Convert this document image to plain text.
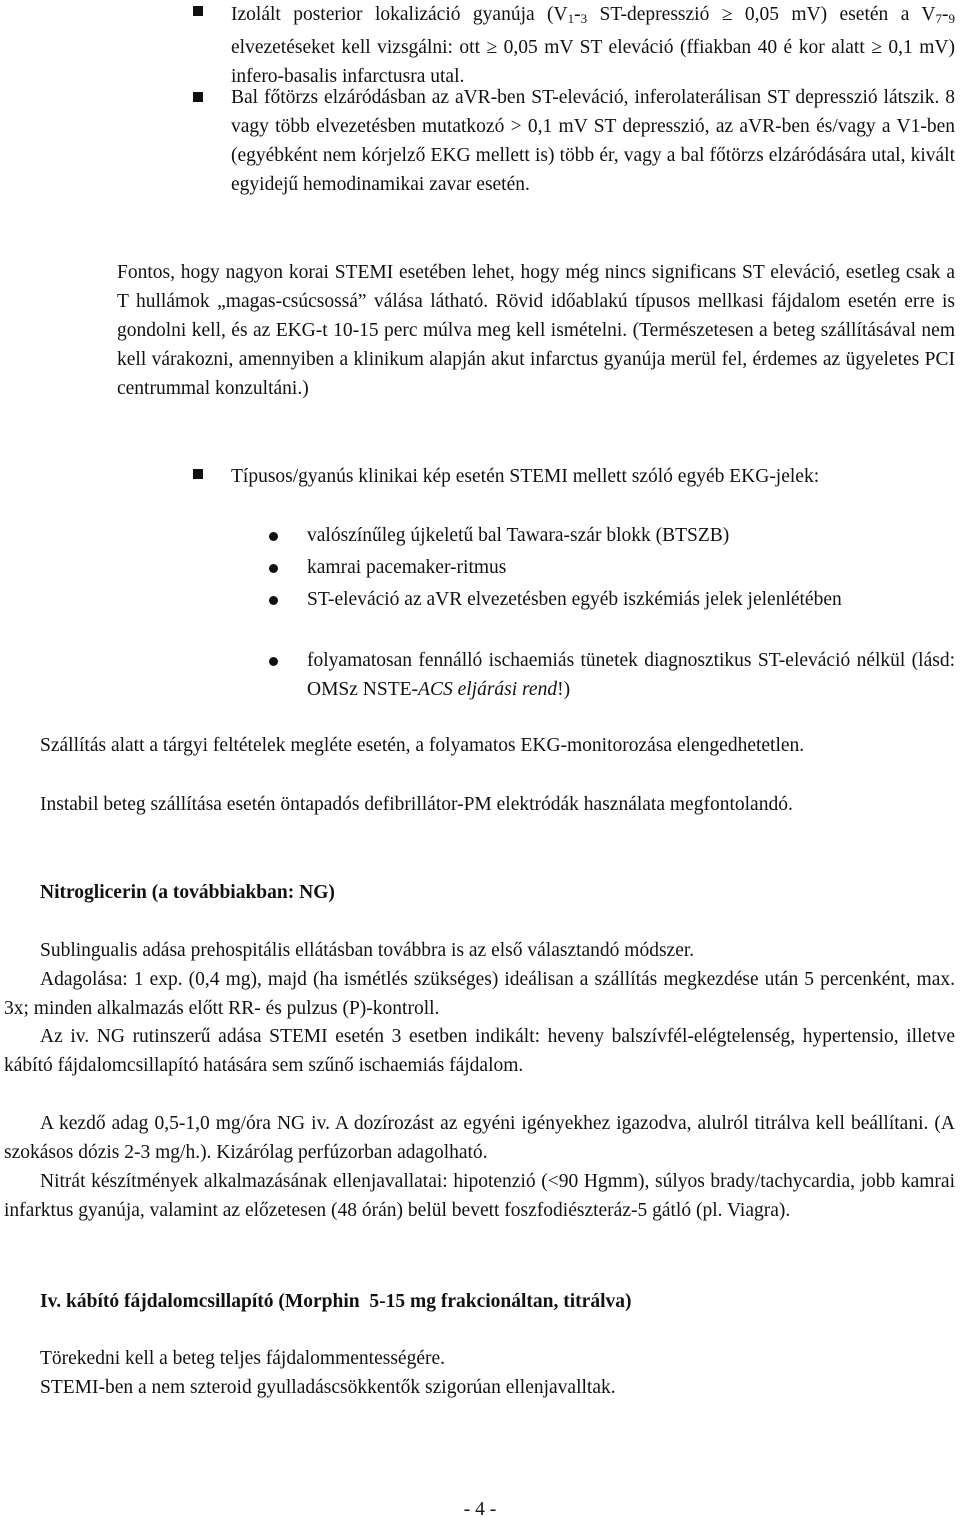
Izolált posterior lokalizáció gyanúja ($V_1-_3$ ST-depresszió ≥ 0,05 mV) esetén a $V_7-_9$ elvezetéseket kell vizsgálni: ott ≥ 0,05 mV ST eleváció (ffiakban 40 é kor alatt ≥ 0,1 mV) infero-basalis infarctusra utal.

Bal főtörzs elzáródásban az aVR-ben ST-eleváció, inferolaterálisan ST depresszió látszik. 8 vagy több elvezetésben mutatkozó > 0,1 mV ST depresszió, az aVR-ben és/vagy a V1-ben (egyébként nem kórjelző EKG mellett is) több ér, vagy a bal főtörzs elzáródására utal, kivált egyidejű hemodinamikai zavar esetén.

Fontos, hogy nagyon korai STEMI esetében lehet, hogy még nincs significans ST eleváció, esetleg csak a T hullámok „magas-csúcsossá” válása látható. Rövid időablakú típusos mellkasi fájdalom esetén erre is gondolni kell, és az EKG-t 10-15 perc múlva meg kell ismételni. (Természetesen a beteg szállításával nem kell várakozni, amennyiben a klinikum alapján akut infarctus gyanúja merül fel, érdemes az ügyeletes PCI centrummal konzultáni.)

Típusos/gyanús klinikai kép esetén STEMI mellett szóló egyéb EKG-jelek:

valószínűleg újkeletű bal Tawara-szár blokk (BTSZB)

kamrai pacemaker-ritmus

ST-eleváció az aVR elvezetésben egyéb iszkémiás jelek jelenlétében

folyamatosan fennálló ischaemiás tünetek diagnosztikus ST-eleváció nélkül (lásd: OMSz NSTE-ACS eljárási rend!)

Szállítás alatt a tárgyi feltételek megléte esetén, a folyamatos EKG-monitorozása elengedhetetlen.

Instabil beteg szállítása esetén öntapadós defibrillátor-PM elektródák használata megfontolandó.

Nitroglicerin (a továbbiakban: NG)

Sublingualis adása prehospitális ellátásban továbbra is az első választandó módszer.

Adagolása: 1 exp. (0,4 mg), majd (ha ismétlés szükséges) ideálisan a szállítás megkezdése után 5 percenként, max. 3x; minden alkalmazás előtt RR- és pulzus (P)-kontroll.

Az iv. NG rutinszerű adása STEMI esetén 3 esetben indikált: heveny balszívfél-elégtelenség, hypertensio, illetve kábító fájdalomcsillapító hatására sem szűnő ischaemiás fájdalom.

A kezdő adag 0,5-1,0 mg/óra NG iv. A dozírozást az egyéni igényekhez igazodva, alulról titrálva kell beállítani. (A szokásos dózis 2-3 mg/h.). Kizárólag perfúzorban adagolható.

Nitrát készítmények alkalmazásának ellenjavallatai: hipotenzió (<90 Hgmm), súlyos brady/tachycardia, jobb kamrai infarktus gyanúja, valamint az előzetesen (48 órán) belül bevett foszfodiészteráz-5 gátló (pl. Viagra).

Iv. kábító fájdalomcsillapító (Morphin  5-15 mg frakcionáltan, titrálva)

Törekedni kell a beteg teljes fájdalommentességére.

STEMI-ben a nem szteroid gyulladáscsökkentők szigorúan ellenjavalltak.

- 4 -
